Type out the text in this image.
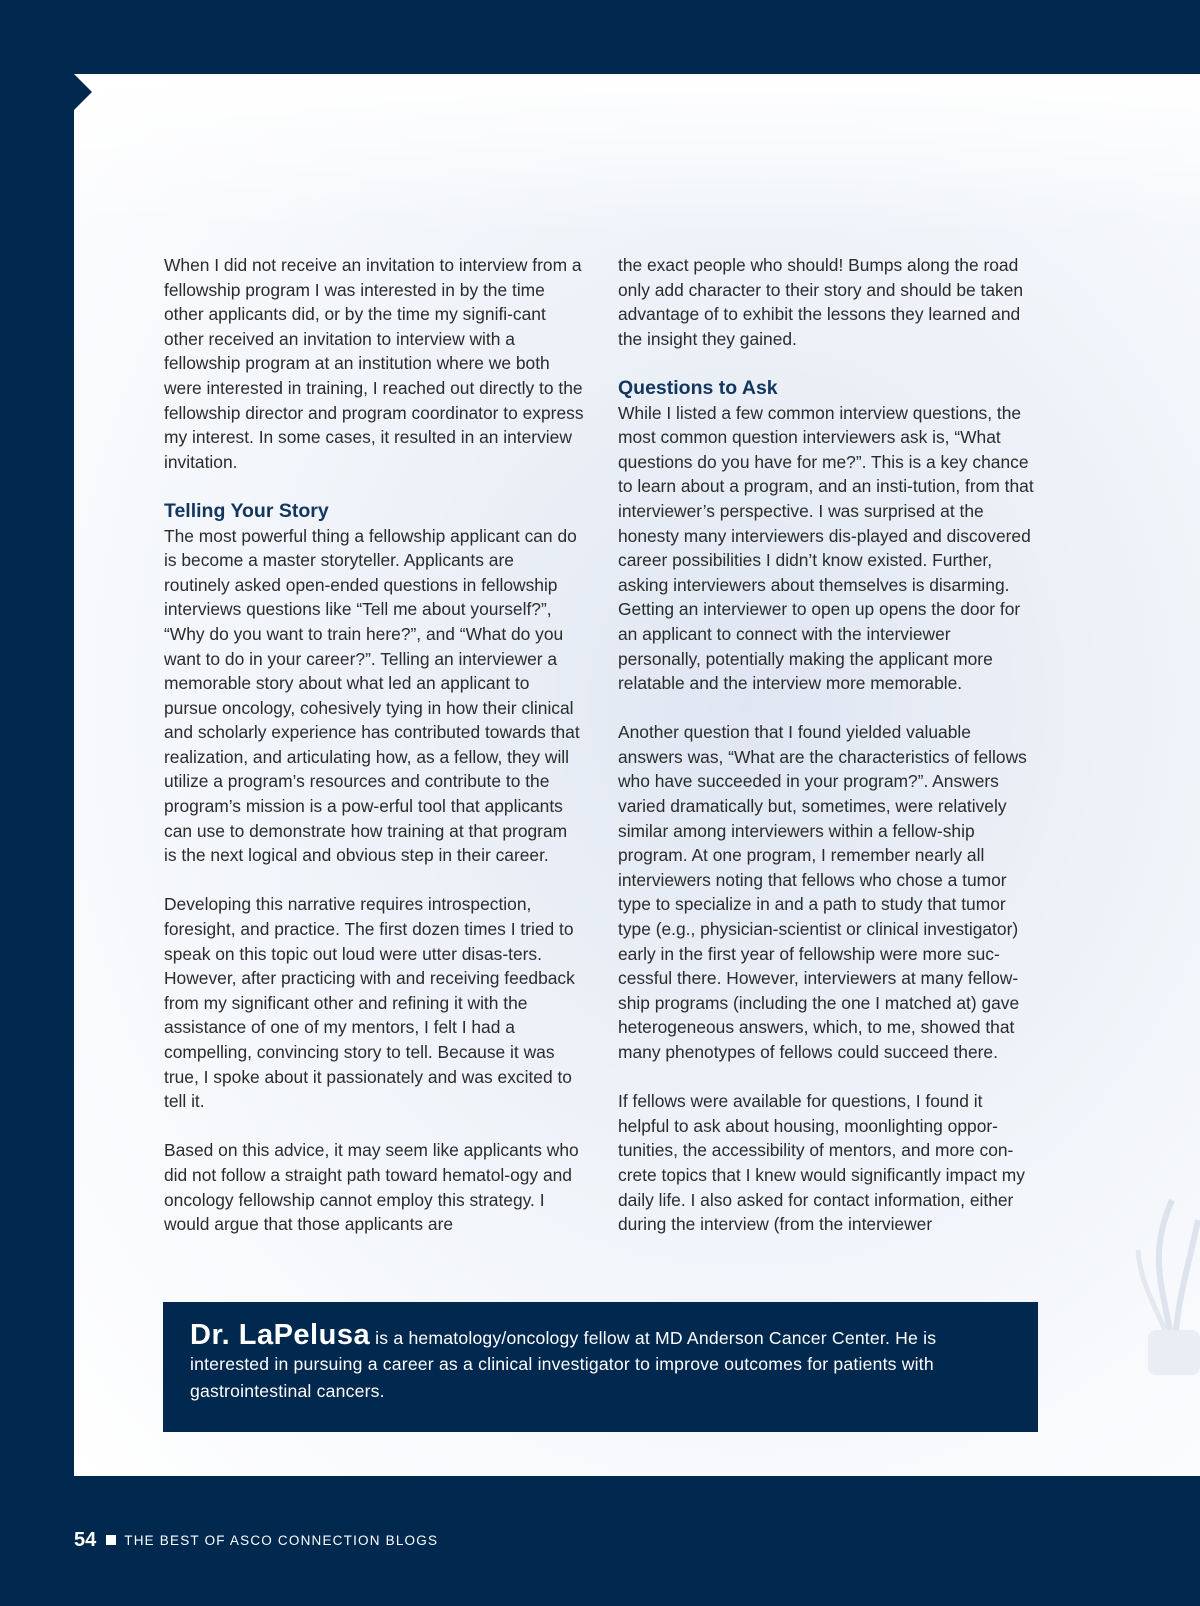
When I did not receive an invitation to interview from a fellowship program I was interested in by the time other applicants did, or by the time my signifi-cant other received an invitation to interview with a fellowship program at an institution where we both were interested in training, I reached out directly to the fellowship director and program coordinator to express my interest. In some cases, it resulted in an interview invitation.

Telling Your Story

The most powerful thing a fellowship applicant can do is become a master storyteller. Applicants are routinely asked open-ended questions in fellowship interviews questions like “Tell me about yourself?”, “Why do you want to train here?”, and “What do you want to do in your career?”. Telling an interviewer a memorable story about what led an applicant to pursue oncology, cohesively tying in how their clinical and scholarly experience has contributed towards that realization, and articulating how, as a fellow, they will utilize a program’s resources and contribute to the program’s mission is a pow-erful tool that applicants can use to demonstrate how training at that program is the next logical and obvious step in their career.

Developing this narrative requires introspection, foresight, and practice. The first dozen times I tried to speak on this topic out loud were utter disas-ters. However, after practicing with and receiving feedback from my significant other and refining it with the assistance of one of my mentors, I felt I had a compelling, convincing story to tell. Because it was true, I spoke about it passionately and was excited to tell it.

Based on this advice, it may seem like applicants who did not follow a straight path toward hematol-ogy and oncology fellowship cannot employ this strategy. I would argue that those applicants are

the exact people who should! Bumps along the road only add character to their story and should be taken advantage of to exhibit the lessons they learned and the insight they gained.

Questions to Ask

While I listed a few common interview questions, the most common question interviewers ask is, “What questions do you have for me?”. This is a key chance to learn about a program, and an insti-tution, from that interviewer’s perspective. I was surprised at the honesty many interviewers dis-played and discovered career possibilities I didn’t know existed. Further, asking interviewers about themselves is disarming. Getting an interviewer to open up opens the door for an applicant to connect with the interviewer personally, potentially making the applicant more relatable and the interview more memorable.

Another question that I found yielded valuable answers was, “What are the characteristics of fellows who have succeeded in your program?”. Answers varied dramatically but, sometimes, were relatively similar among interviewers within a fellow-ship program. At one program, I remember nearly all interviewers noting that fellows who chose a tumor type to specialize in and a path to study that tumor type (e.g., physician-scientist or clinical investigator) early in the first year of fellowship were more suc-cessful there. However, interviewers at many fellow-ship programs (including the one I matched at) gave heterogeneous answers, which, to me, showed that many phenotypes of fellows could succeed there.

If fellows were available for questions, I found it helpful to ask about housing, moonlighting oppor-tunities, the accessibility of mentors, and more con-crete topics that I knew would significantly impact my daily life. I also asked for contact information, either during the interview (from the interviewer

Dr. LaPelusa is a hematology/oncology fellow at MD Anderson Cancer Center. He is interested in pursuing a career as a clinical investigator to improve outcomes for patients with gastrointestinal cancers.
54 THE BEST OF ASCO CONNECTION BLOGS
